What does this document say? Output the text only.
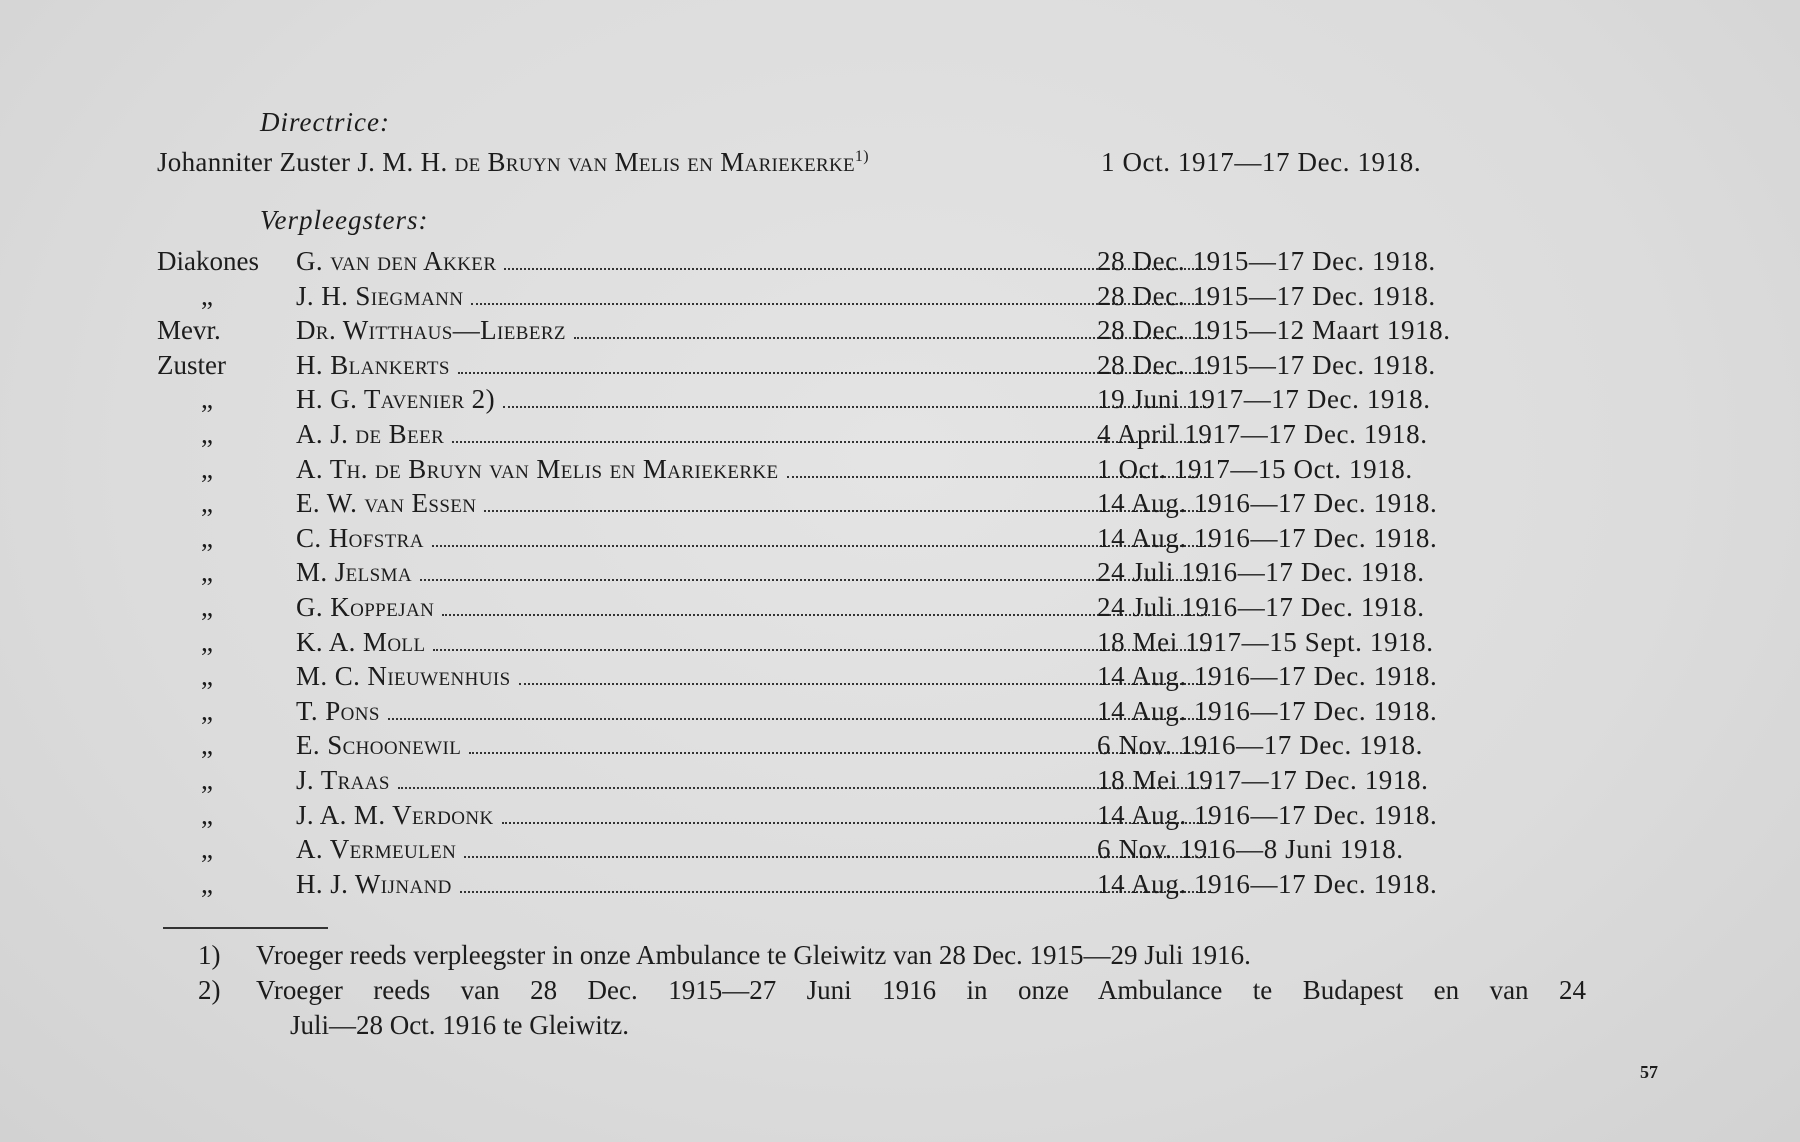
Directrice:
Johanniter Zuster J. M. H. de Bruyn van Melis en Mariekerke$^{1)}$	1 Oct. 1917—17 Dec. 1918.
Verpleegsters:
Diakones	G. van den Akker	28 Dec. 1915—17 Dec. 1918.
„	J. H. Siegmann	28 Dec. 1915—17 Dec. 1918.
Mevr.	Dr. Witthaus—Lieberz	28 Dec. 1915—12 Maart 1918.
Zuster	H. Blankerts	28 Dec. 1915—17 Dec. 1918.
„	H. G. Tavenier 2)	19 Juni 1917—17 Dec. 1918.
„	A. J. de Beer	4 April 1917—17 Dec. 1918.
„	A. Th. de Bruyn van Melis en Mariekerke	1 Oct. 1917—15 Oct. 1918.
„	E. W. van Essen	14 Aug. 1916—17 Dec. 1918.
„	C. Hofstra	14 Aug. 1916—17 Dec. 1918.
„	M. Jelsma	24 Juli 1916—17 Dec. 1918.
„	G. Koppejan	24 Juli 1916—17 Dec. 1918.
„	K. A. Moll	18 Mei 1917—15 Sept. 1918.
„	M. C. Nieuwenhuis	14 Aug. 1916—17 Dec. 1918.
„	T. Pons	14 Aug. 1916—17 Dec. 1918.
„	E. Schoonewil	6 Nov. 1916—17 Dec. 1918.
„	J. Traas	18 Mei 1917—17 Dec. 1918.
„	J. A. M. Verdonk	14 Aug. 1916—17 Dec. 1918.
„	A. Vermeulen	6 Nov. 1916—8 Juni 1918.
„	H. J. Wijnand	14 Aug. 1916—17 Dec. 1918.
1) Vroeger reeds verpleegster in onze Ambulance te Gleiwitz van 28 Dec. 1915—29 Juli 1916.
2) Vroeger reeds van 28 Dec. 1915—27 Juni 1916 in onze Ambulance te Budapest en van 24
Juli—28 Oct. 1916 te Gleiwitz.
57
